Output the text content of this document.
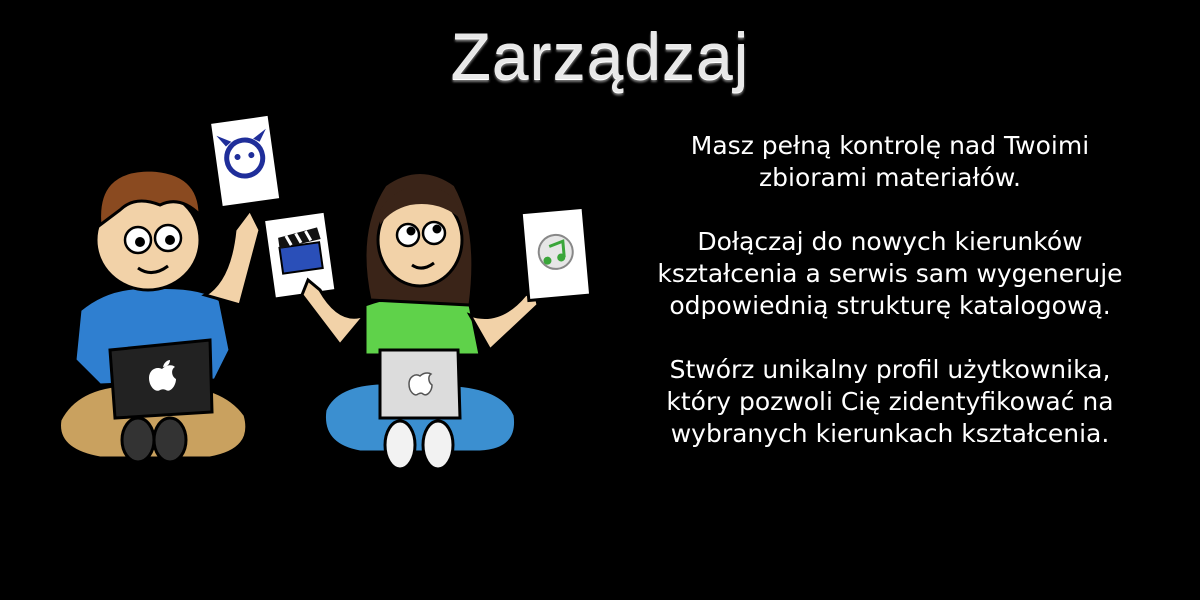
Zarządzaj

Masz pełną kontrolę nad Twoimi zbiorami materiałów.

Dołączaj do nowych kierunków kształcenia a serwis sam wygeneruje odpowiednią strukturę katalogową.

Stwórz unikalny profil użytkownika, który pozwoli Cię zidentyfikować na wybranych kierunkach kształcenia.
